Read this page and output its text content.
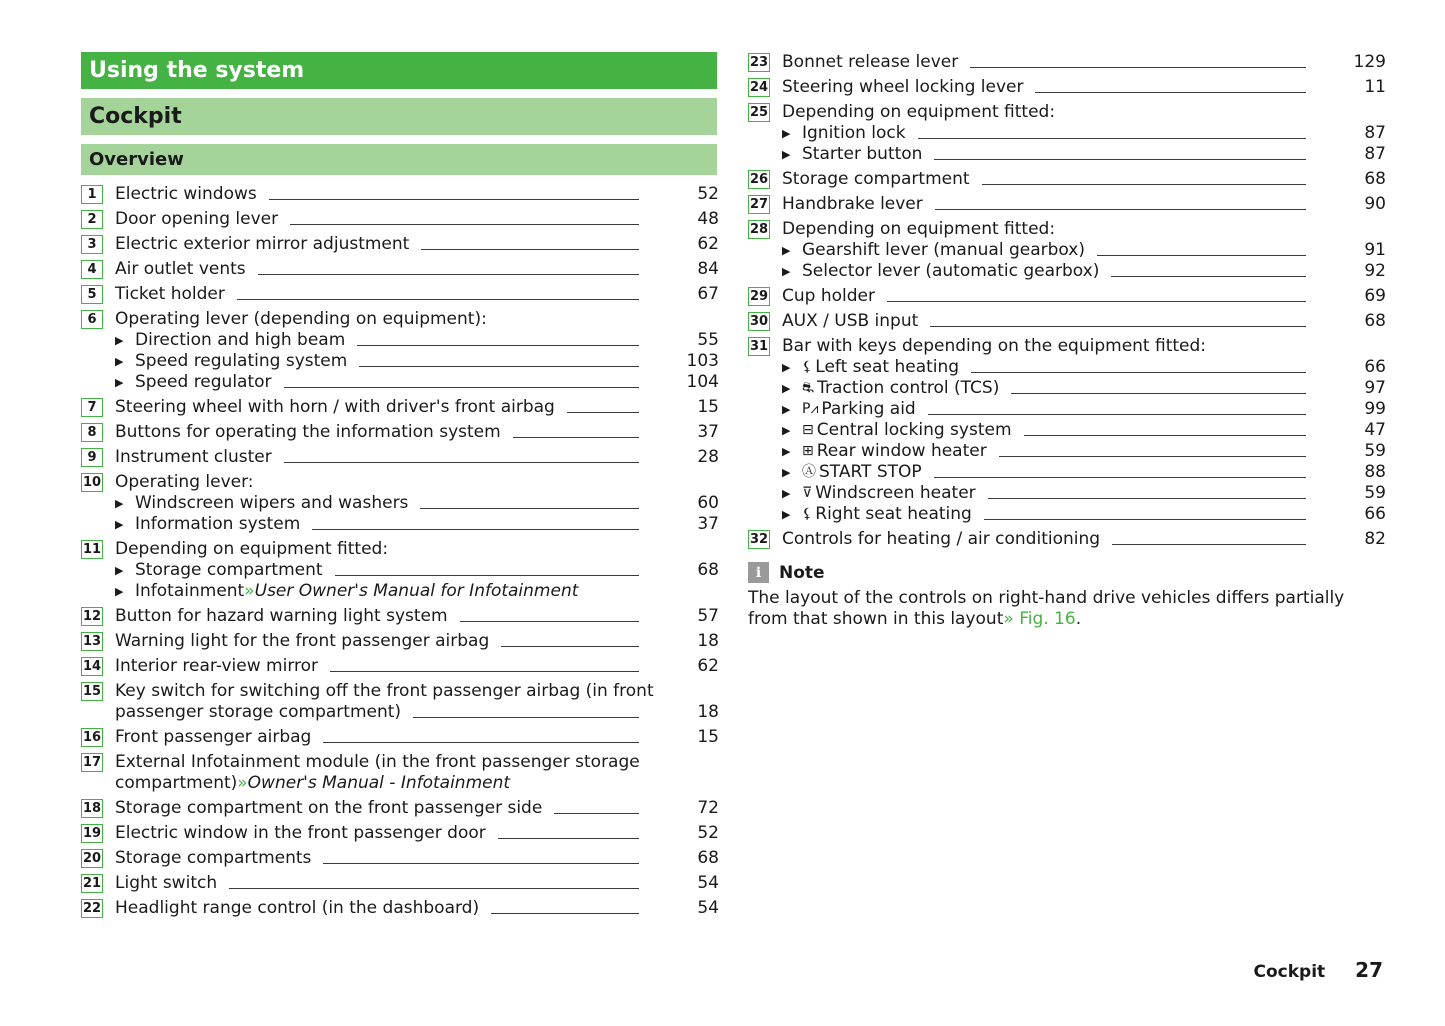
Using the system
Cockpit
Overview
1	Electric windows	52
2	Door opening lever	48
3	Electric exterior mirror adjustment	62
4	Air outlet vents	84
5	Ticket holder	67
6	Operating lever (depending on equipment):
▶ Direction and high beam	55
▶ Speed regulating system	103
▶ Speed regulator	104
7	Steering wheel with horn / with driver's front airbag	15
8	Buttons for operating the information system	37
9	Instrument cluster	28
10 Operating lever:
▶ Windscreen wipers and washers	60
▶ Information system	37
11 Depending on equipment fitted:
▶ Storage compartment	68
▶ Infotainment » User Owner's Manual for Infotainment
12 Button for hazard warning light system	57
13 Warning light for the front passenger airbag	18
14 Interior rear-view mirror	62
15 Key switch for switching off the front passenger airbag (in front
passenger storage compartment)	18
16 Front passenger airbag	15
17 External Infotainment module (in the front passenger storage
compartment) » Owner's Manual - Infotainment
18 Storage compartment on the front passenger side	72
19 Electric window in the front passenger door	52
20 Storage compartments	68
21 Light switch	54
22 Headlight range control (in the dashboard)	54
23 Bonnet release lever	129
24 Steering wheel locking lever	11
25 Depending on equipment fitted:
▶ Ignition lock	87
▶ Starter button	87
26 Storage compartment	68
27 Handbrake lever	90
28 Depending on equipment fitted:
▶ Gearshift lever (manual gearbox)	91
▶ Selector lever (automatic gearbox)	92
29 Cup holder	69
30 AUX / USB input	68
31 Bar with keys depending on the equipment fitted:
▶ ⚸ Left seat heating	66
▶ ⛐ Traction control (TCS)	97
▶ P⩘ Parking aid	99
▶ ⊟ Central locking system	47
▶ ⊞ Rear window heater	59
▶ Ⓐ START STOP	88
▶ ⊽ Windscreen heater	59
▶ ⚸ Right seat heating	66
32 Controls for heating / air conditioning	82
i	Note
The layout of the controls on right-hand drive vehicles differs partially from that shown in this layout» Fig. 16.
Cockpit 27
